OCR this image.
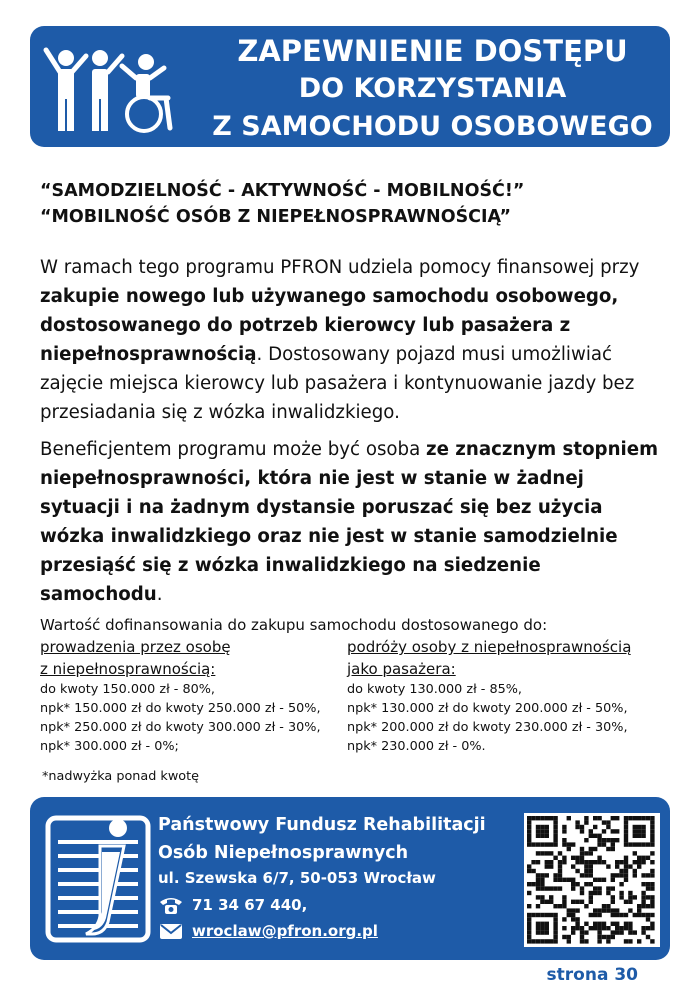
ZAPEWNIENIE DOSTĘPU
DO KORZYSTANIA
Z SAMOCHODU OSOBOWEGO
“SAMODZIELNOŚĆ - AKTYWNOŚĆ - MOBILNOŚĆ!”
“MOBILNOŚĆ OSÓB Z NIEPEŁNOSPRAWNOŚCIĄ”
W ramach tego programu PFRON udziela pomocy finansowej przy zakupie nowego lub używanego samochodu osobowego, dostosowanego do potrzeb kierowcy lub pasażera z niepełnosprawnością. Dostosowany pojazd musi umożliwiać zajęcie miejsca kierowcy lub pasażera i kontynuowanie jazdy bez przesiadania się z wózka inwalidzkiego.
Beneficjentem programu może być osoba ze znacznym stopniem niepełnosprawności, która nie jest w stanie w żadnej sytuacji i na żadnym dystansie poruszać się bez użycia wózka inwalidzkiego oraz nie jest w stanie samodzielnie przesiąść się z wózka inwalidzkiego na siedzenie samochodu.
Wartość dofinansowania do zakupu samochodu dostosowanego do:
prowadzenia przez osobę
z niepełnosprawnością:
do kwoty 150.000 zł - 80%,
npk* 150.000 zł do kwoty 250.000 zł - 50%,
npk* 250.000 zł do kwoty 300.000 zł - 30%,
npk* 300.000 zł - 0%;
podróży osoby z niepełnosprawnością
jako pasażera:
do kwoty 130.000 zł - 85%,
npk* 130.000 zł do kwoty 200.000 zł - 50%,
npk* 200.000 zł do kwoty 230.000 zł - 30%,
npk* 230.000 zł - 0%.
*nadwyżka ponad kwotę
Państwowy Fundusz Rehabilitacji
Osób Niepełnosprawnych
ul. Szewska 6/7, 50-053 Wrocław
71 34 67 440,
wroclaw@pfron.org.pl
strona 30
